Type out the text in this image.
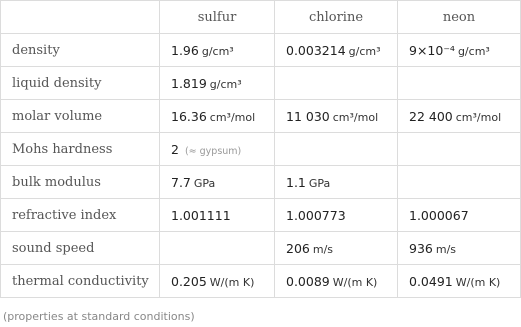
	sulfur	chlorine	neon
density	1.96 g/cm³	0.003214 g/cm³	9×10⁻⁴ g/cm³
liquid density	1.819 g/cm³		
molar volume	16.36 cm³/mol	11 030 cm³/mol	22 400 cm³/mol
Mohs hardness	2 (≈ gypsum)		
bulk modulus	7.7 GPa	1.1 GPa	
refractive index	1.001111	1.000773	1.000067
sound speed		206 m/s	936 m/s
thermal conductivity	0.205 W/(m K)	0.0089 W/(m K)	0.0491 W/(m K)
(properties at standard conditions)
